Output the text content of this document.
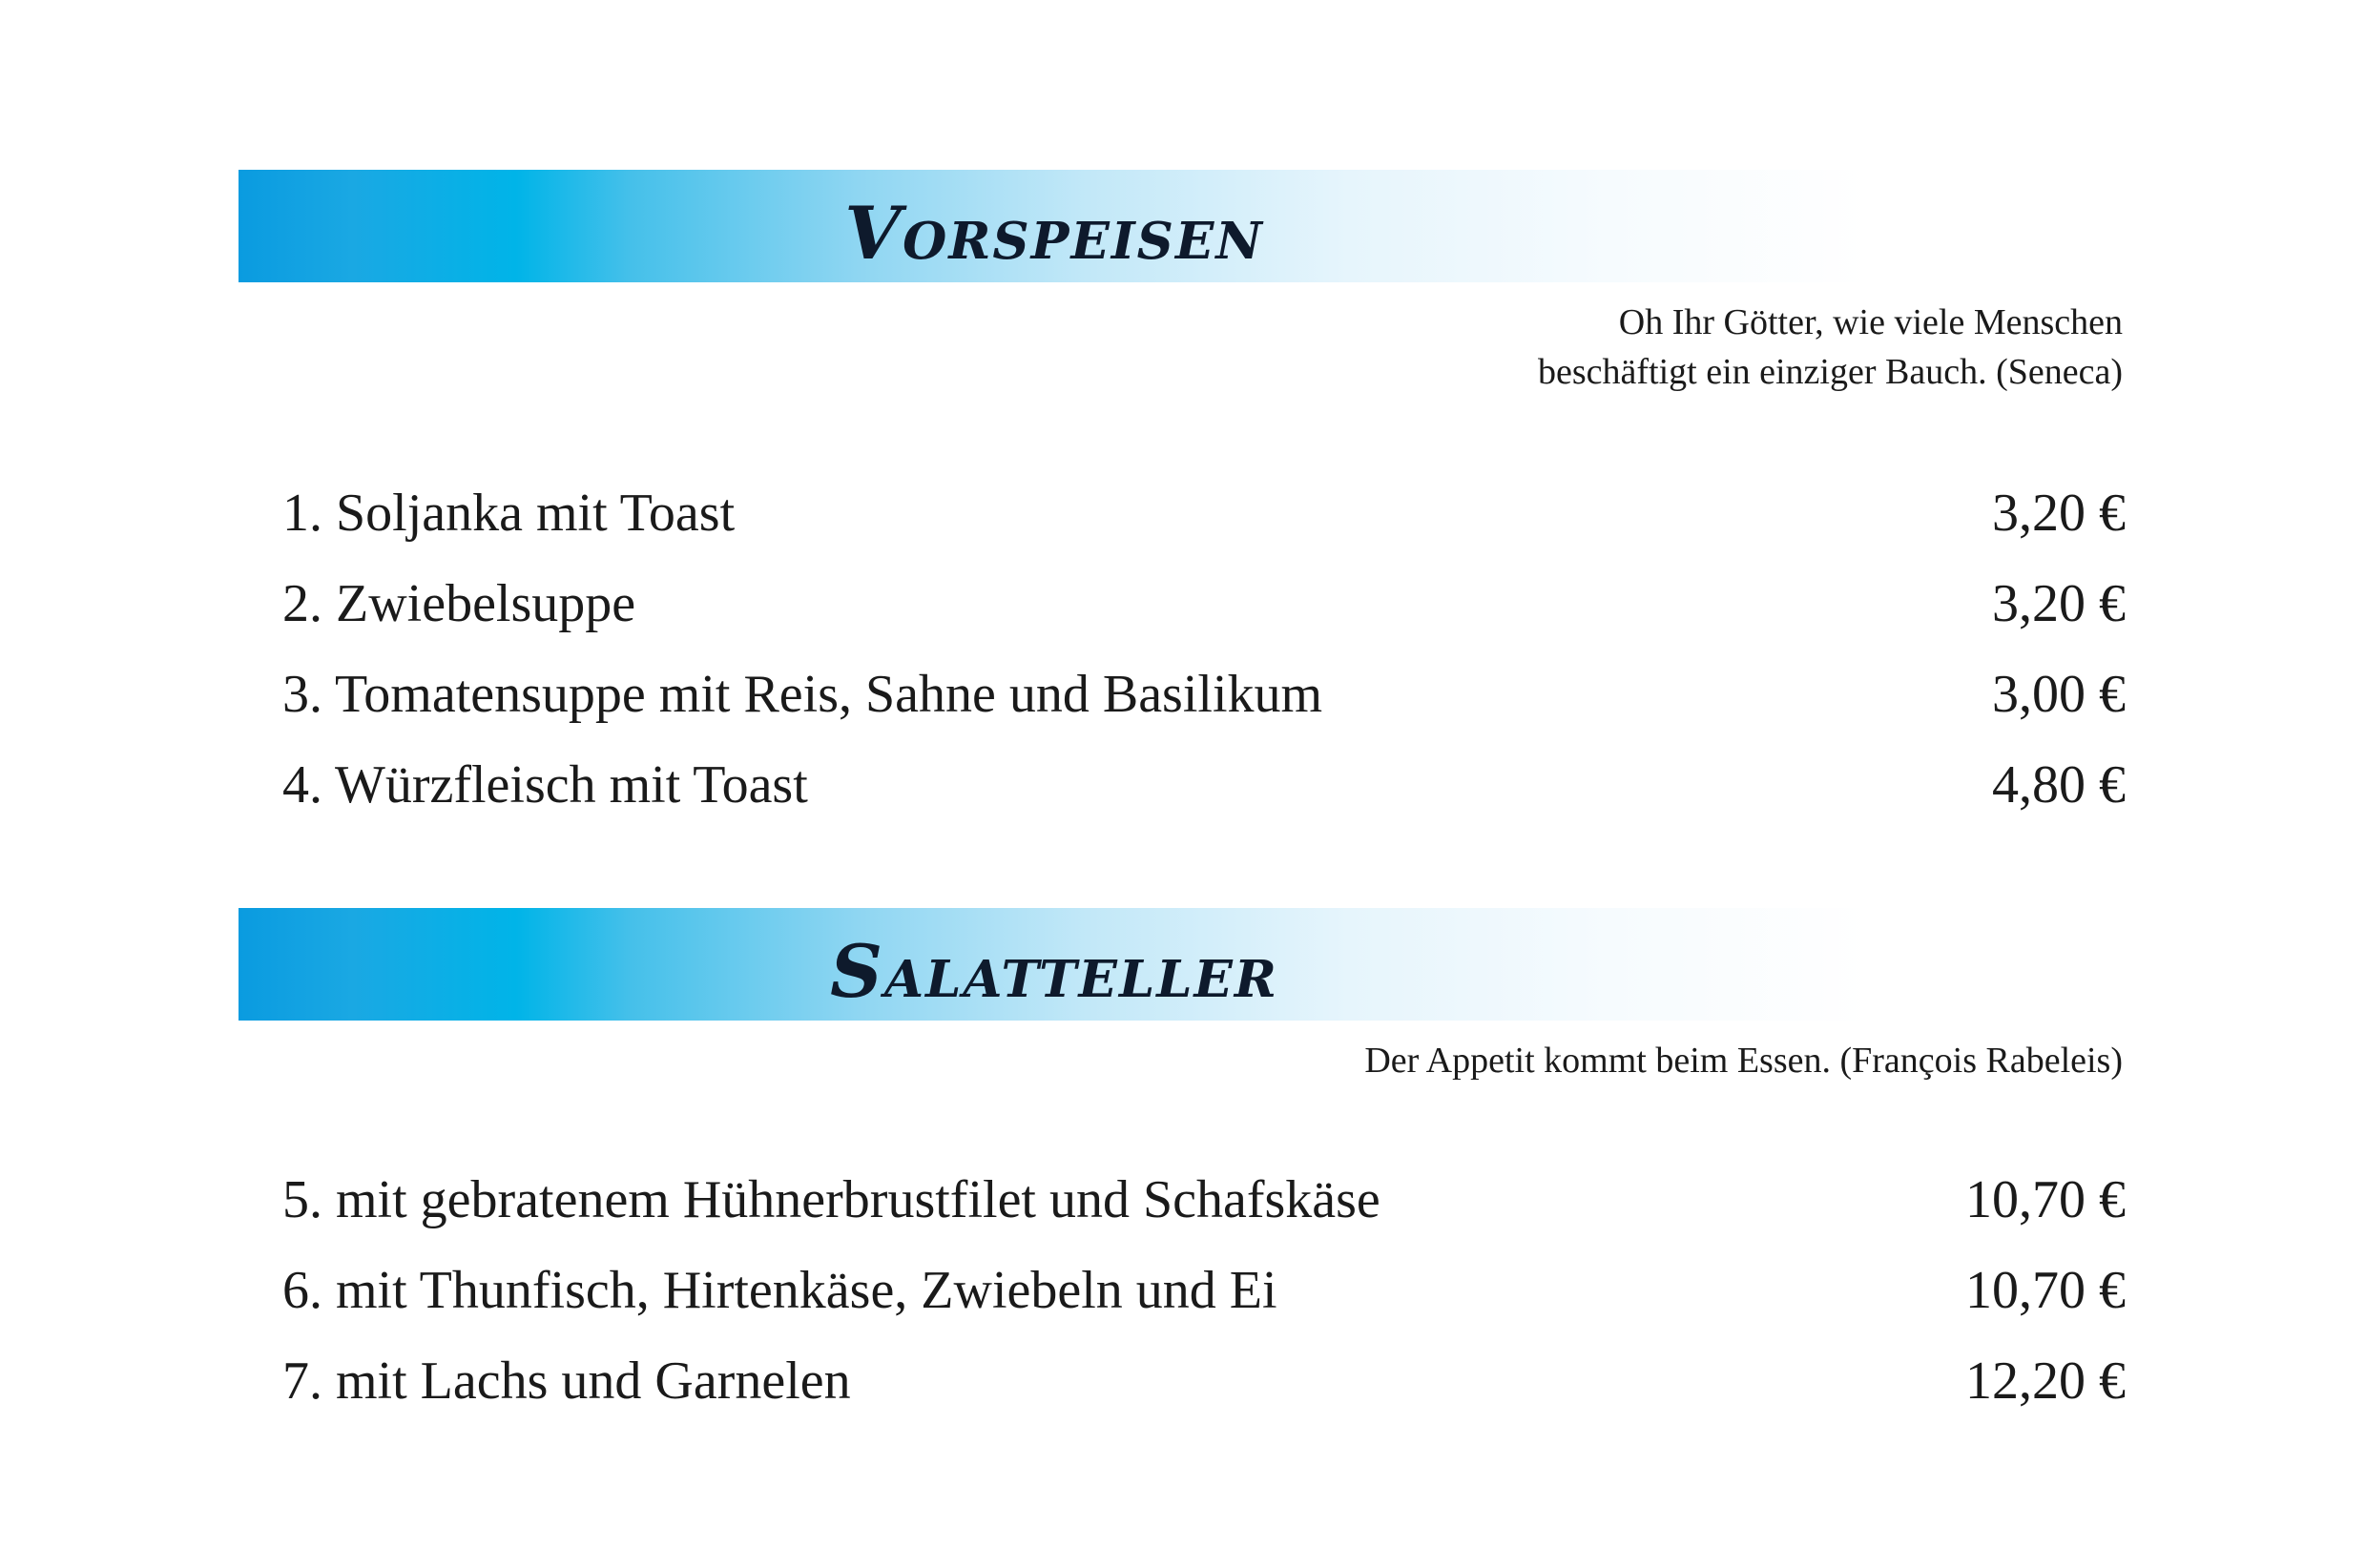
Vorspeisen
Oh Ihr Götter, wie viele Menschen
beschäftigt ein einziger Bauch. (Seneca)
1. Soljanka mit Toast	3,20 €
2. Zwiebelsuppe	3,20 €
3. Tomatensuppe mit Reis, Sahne und Basilikum	3,00 €
4. Würzfleisch mit Toast	4,80 €
Salatteller
Der Appetit kommt beim Essen. (François Rabeleis)
5. mit gebratenem Hühnerbrustfilet und Schafskäse	10,70 €
6. mit Thunfisch, Hirtenkäse, Zwiebeln und Ei	10,70 €
7. mit Lachs und Garnelen	12,20 €
